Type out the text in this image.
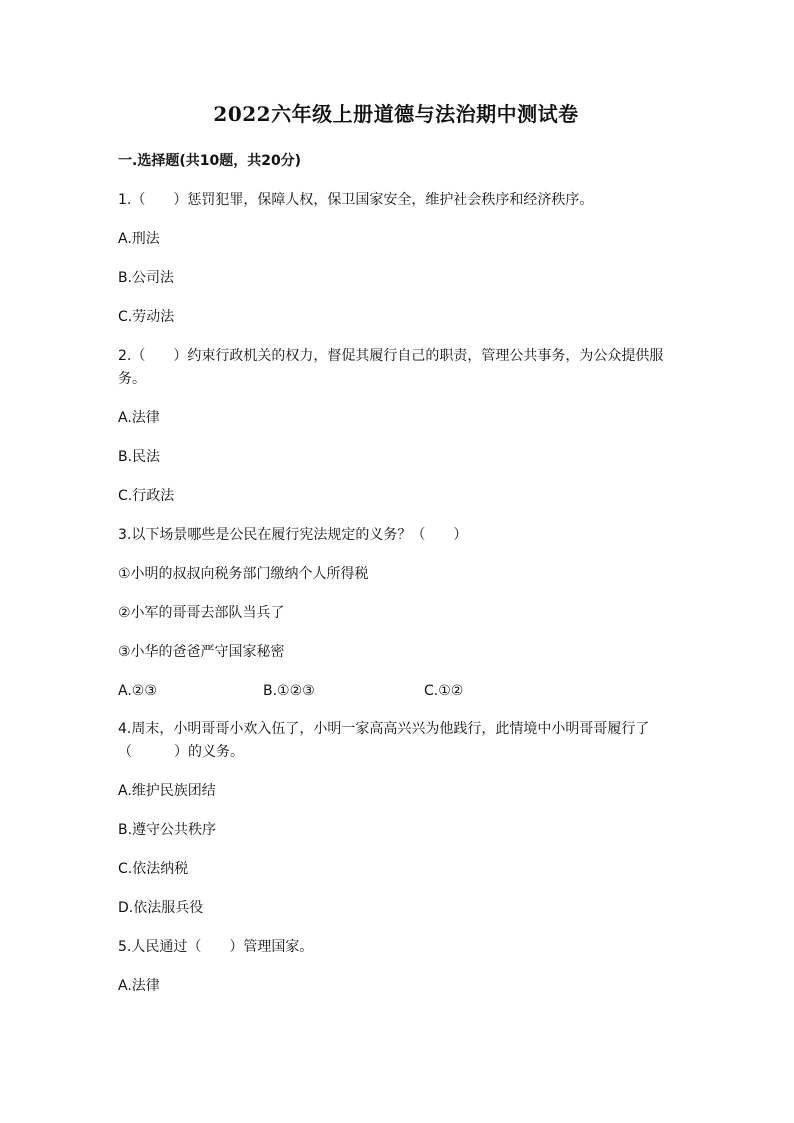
2022六年级上册道德与法治期中测试卷
一.选择题(共10题，共20分)
1.（　　）惩罚犯罪，保障人权，保卫国家安全，维护社会秩序和经济秩序。
A.刑法
B.公司法
C.劳动法
2.（　　）约束行政机关的权力，督促其履行自己的职责，管理公共事务，为公众提供服务。
A.法律
B.民法
C.行政法
3.以下场景哪些是公民在履行宪法规定的义务？（　　）
①小明的叔叔向税务部门缴纳个人所得税
②小军的哥哥去部队当兵了
③小华的爸爸严守国家秘密
A.②③	B.①②③	C.①②
4.周末，小明哥哥小欢入伍了，小明一家高高兴兴为他践行，此情境中小明哥哥履行了（　　　）的义务。
A.维护民族团结
B.遵守公共秩序
C.依法纳税
D.依法服兵役
5.人民通过（　　）管理国家。
A.法律
